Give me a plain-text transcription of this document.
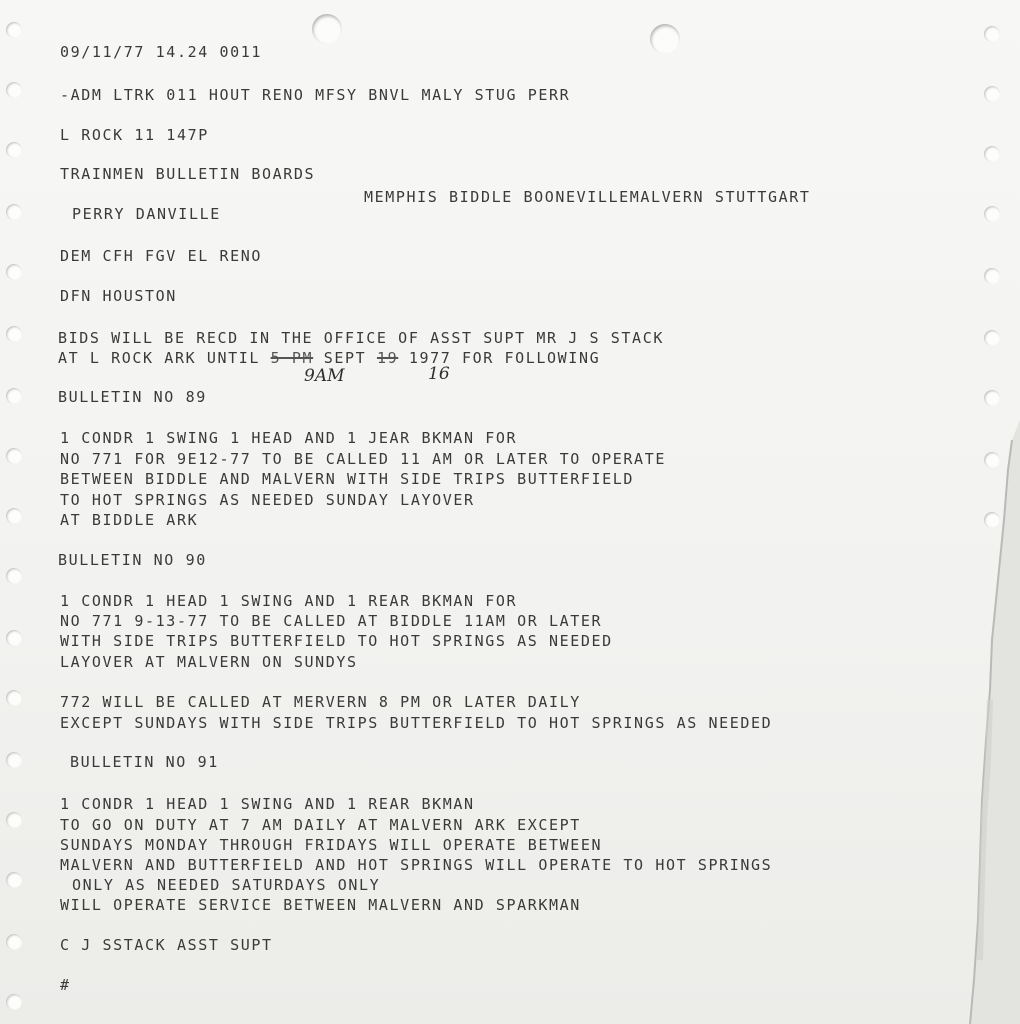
09/11/77 14.24 0011

-ADM LTRK 011 HOUT RENO MFSY BNVL MALY STUG PERR

L ROCK 11 147P

TRAINMEN BULLETIN BOARDS

MEMPHIS BIDDLE BOONEVILLEMALVERN STUTTGART

PERRY DANVILLE

DEM CFH FGV EL RENO

DFN HOUSTON

BIDS WILL BE RECD IN THE OFFICE OF ASST SUPT MR J S STACK

AT L ROCK ARK UNTIL 5 PM SEPT 19 1977 FOR FOLLOWING

9AM	16

BULLETIN NO 89

1 CONDR 1 SWING 1 HEAD AND 1 JEAR BKMAN FOR

NO 771 FOR 9E12-77 TO BE CALLED 11 AM OR LATER TO OPERATE

BETWEEN BIDDLE AND MALVERN WITH SIDE TRIPS BUTTERFIELD

TO HOT SPRINGS AS NEEDED SUNDAY LAYOVER

AT BIDDLE ARK

BULLETIN NO 90

1 CONDR 1 HEAD 1 SWING AND 1 REAR BKMAN FOR

NO 771 9-13-77 TO BE CALLED AT BIDDLE 11AM OR LATER

WITH SIDE TRIPS BUTTERFIELD TO HOT SPRINGS AS NEEDED

LAYOVER AT MALVERN ON SUNDYS

772 WILL BE CALLED AT MERVERN 8 PM OR LATER DAILY

EXCEPT SUNDAYS WITH SIDE TRIPS BUTTERFIELD TO HOT SPRINGS AS NEEDED

BULLETIN NO 91

1 CONDR 1 HEAD 1 SWING AND 1 REAR BKMAN

TO GO ON DUTY AT 7 AM DAILY AT MALVERN ARK EXCEPT

SUNDAYS MONDAY THROUGH FRIDAYS WILL OPERATE BETWEEN

MALVERN AND BUTTERFIELD AND HOT SPRINGS WILL OPERATE TO HOT SPRINGS

ONLY AS NEEDED SATURDAYS ONLY

WILL OPERATE SERVICE BETWEEN MALVERN AND SPARKMAN

C J SSTACK ASST SUPT

#
